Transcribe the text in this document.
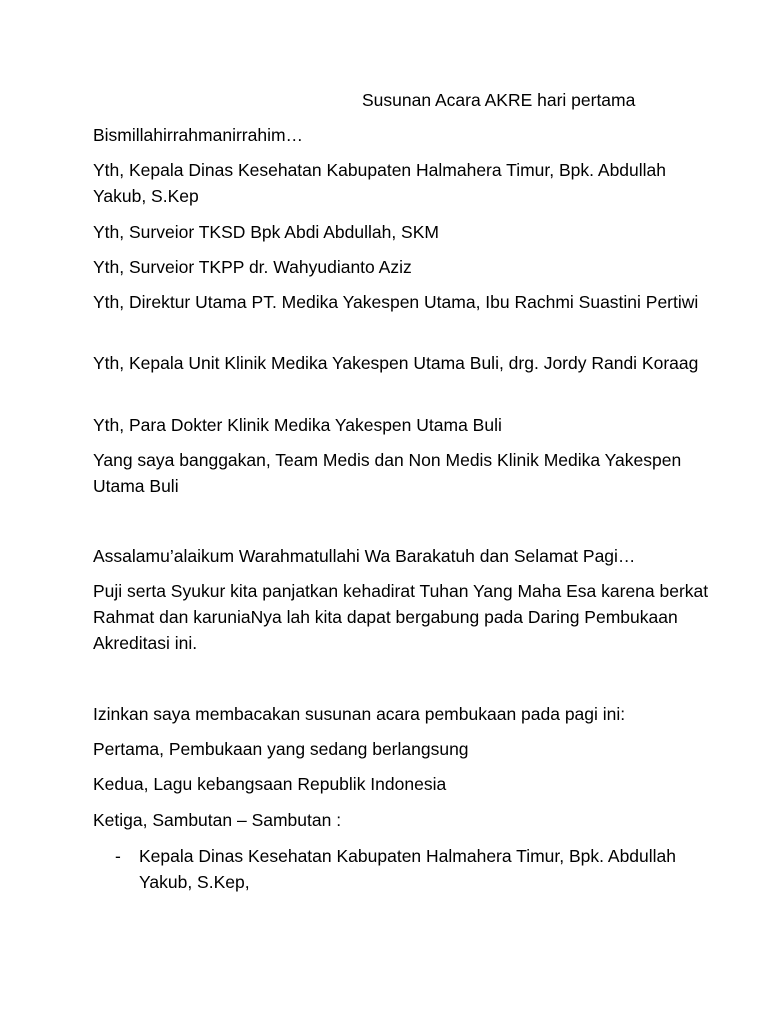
Susunan Acara AKRE hari pertama
Bismillahirrahmanirrahim…
Yth, Kepala Dinas Kesehatan Kabupaten Halmahera Timur, Bpk. Abdullah Yakub, S.Kep
Yth, Surveior TKSD Bpk Abdi Abdullah, SKM
Yth, Surveior TKPP dr. Wahyudianto Aziz
Yth, Direktur Utama PT. Medika Yakespen Utama, Ibu Rachmi Suastini Pertiwi
Yth, Kepala Unit Klinik Medika Yakespen Utama Buli, drg. Jordy Randi Koraag
Yth, Para Dokter Klinik Medika Yakespen Utama Buli
Yang saya banggakan, Team Medis dan Non Medis Klinik Medika Yakespen Utama Buli
Assalamu’alaikum Warahmatullahi Wa Barakatuh dan Selamat Pagi…
Puji serta Syukur kita panjatkan kehadirat Tuhan Yang Maha Esa karena berkat Rahmat dan karuniaNya lah kita dapat bergabung pada Daring Pembukaan Akreditasi ini.
Izinkan saya membacakan susunan acara pembukaan pada pagi ini:
Pertama, Pembukaan yang sedang berlangsung
Kedua, Lagu kebangsaan Republik Indonesia
Ketiga, Sambutan – Sambutan :
- Kepala Dinas Kesehatan Kabupaten Halmahera Timur, Bpk. Abdullah Yakub, S.Kep,
